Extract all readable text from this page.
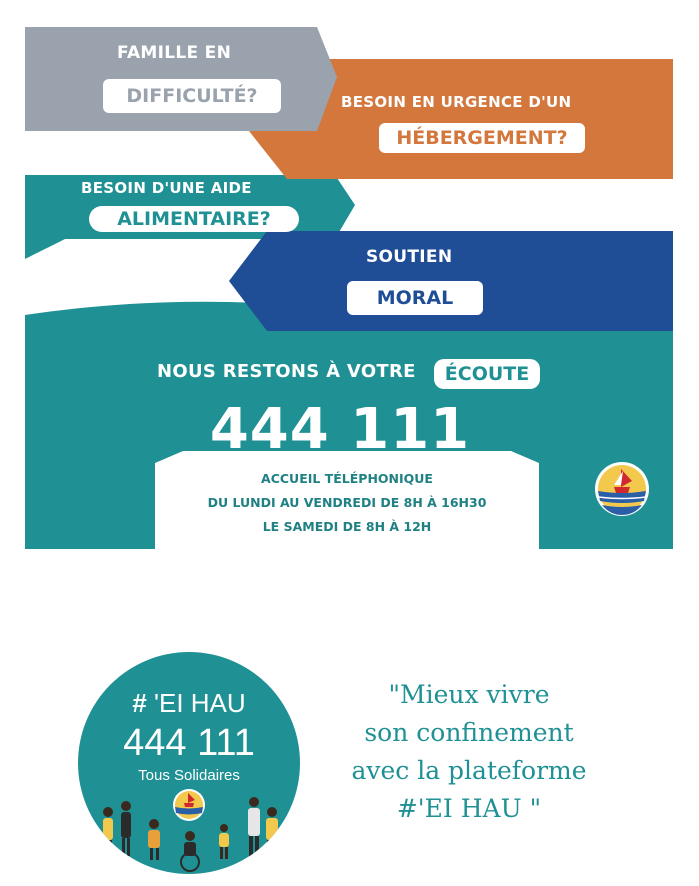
FAMILLE EN
DIFFICULTÉ?	BESOIN EN URGENCE D'UN
HÉBERGEMENT?
BESOIN D'UNE AIDE
ALIMENTAIRE?
SOUTIEN
MORAL
NOUS RESTONS À VOTRE	ÉCOUTE
444 111
ACCUEIL TÉLÉPHONIQUE
DU LUNDI AU VENDREDI DE 8H À 16H30
LE SAMEDI DE 8H À 12H
# 'EI HAU
444 111
Tous Solidaires
"Mieux vivre
son confinement
avec la plateforme
#'EI HAU "
